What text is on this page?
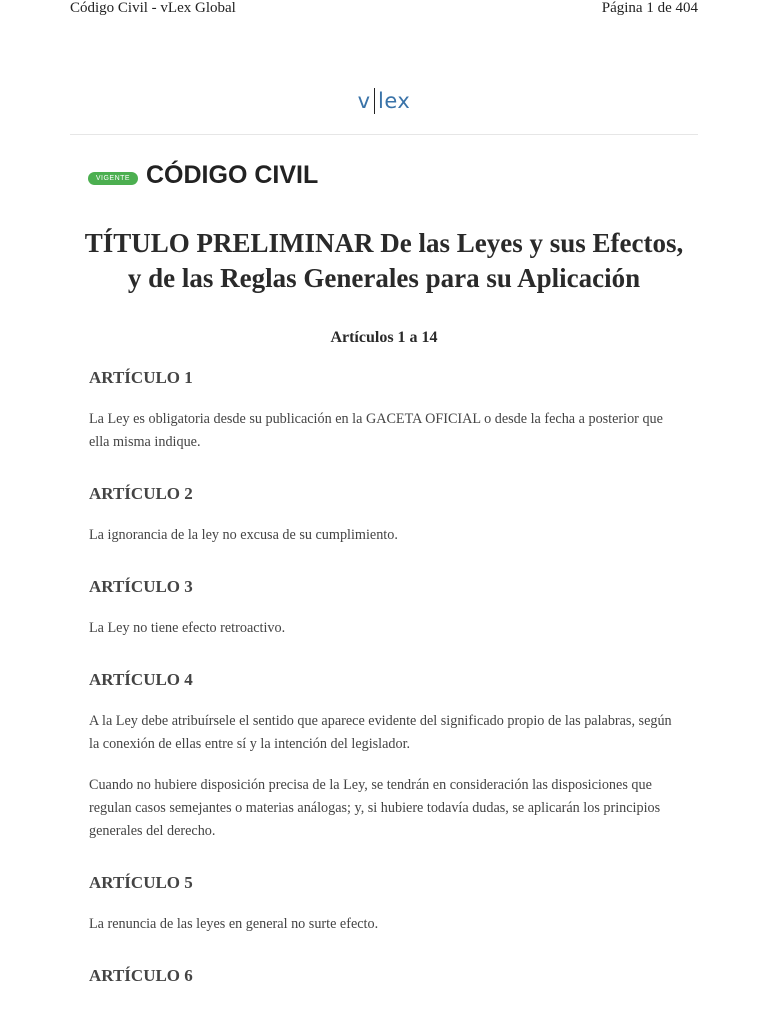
Código Civil - vLex Global	Página 1 de 404
v lex
VIGENTE CÓDIGO CIVIL
TÍTULO PRELIMINAR De las Leyes y sus Efectos, y de las Reglas Generales para su Aplicación
Artículos 1 a 14
ARTÍCULO 1

La Ley es obligatoria desde su publicación en la GACETA OFICIAL o desde la fecha a posterior que ella misma indique.

ARTÍCULO 2

La ignorancia de la ley no excusa de su cumplimiento.

ARTÍCULO 3

La Ley no tiene efecto retroactivo.

ARTÍCULO 4

A la Ley debe atribuírsele el sentido que aparece evidente del significado propio de las palabras, según la conexión de ellas entre sí y la intención del legislador.

Cuando no hubiere disposición precisa de la Ley, se tendrán en consideración las disposiciones que regulan casos semejantes o materias análogas; y, si hubiere todavía dudas, se aplicarán los principios generales del derecho.

ARTÍCULO 5

La renuncia de las leyes en general no surte efecto.

ARTÍCULO 6
